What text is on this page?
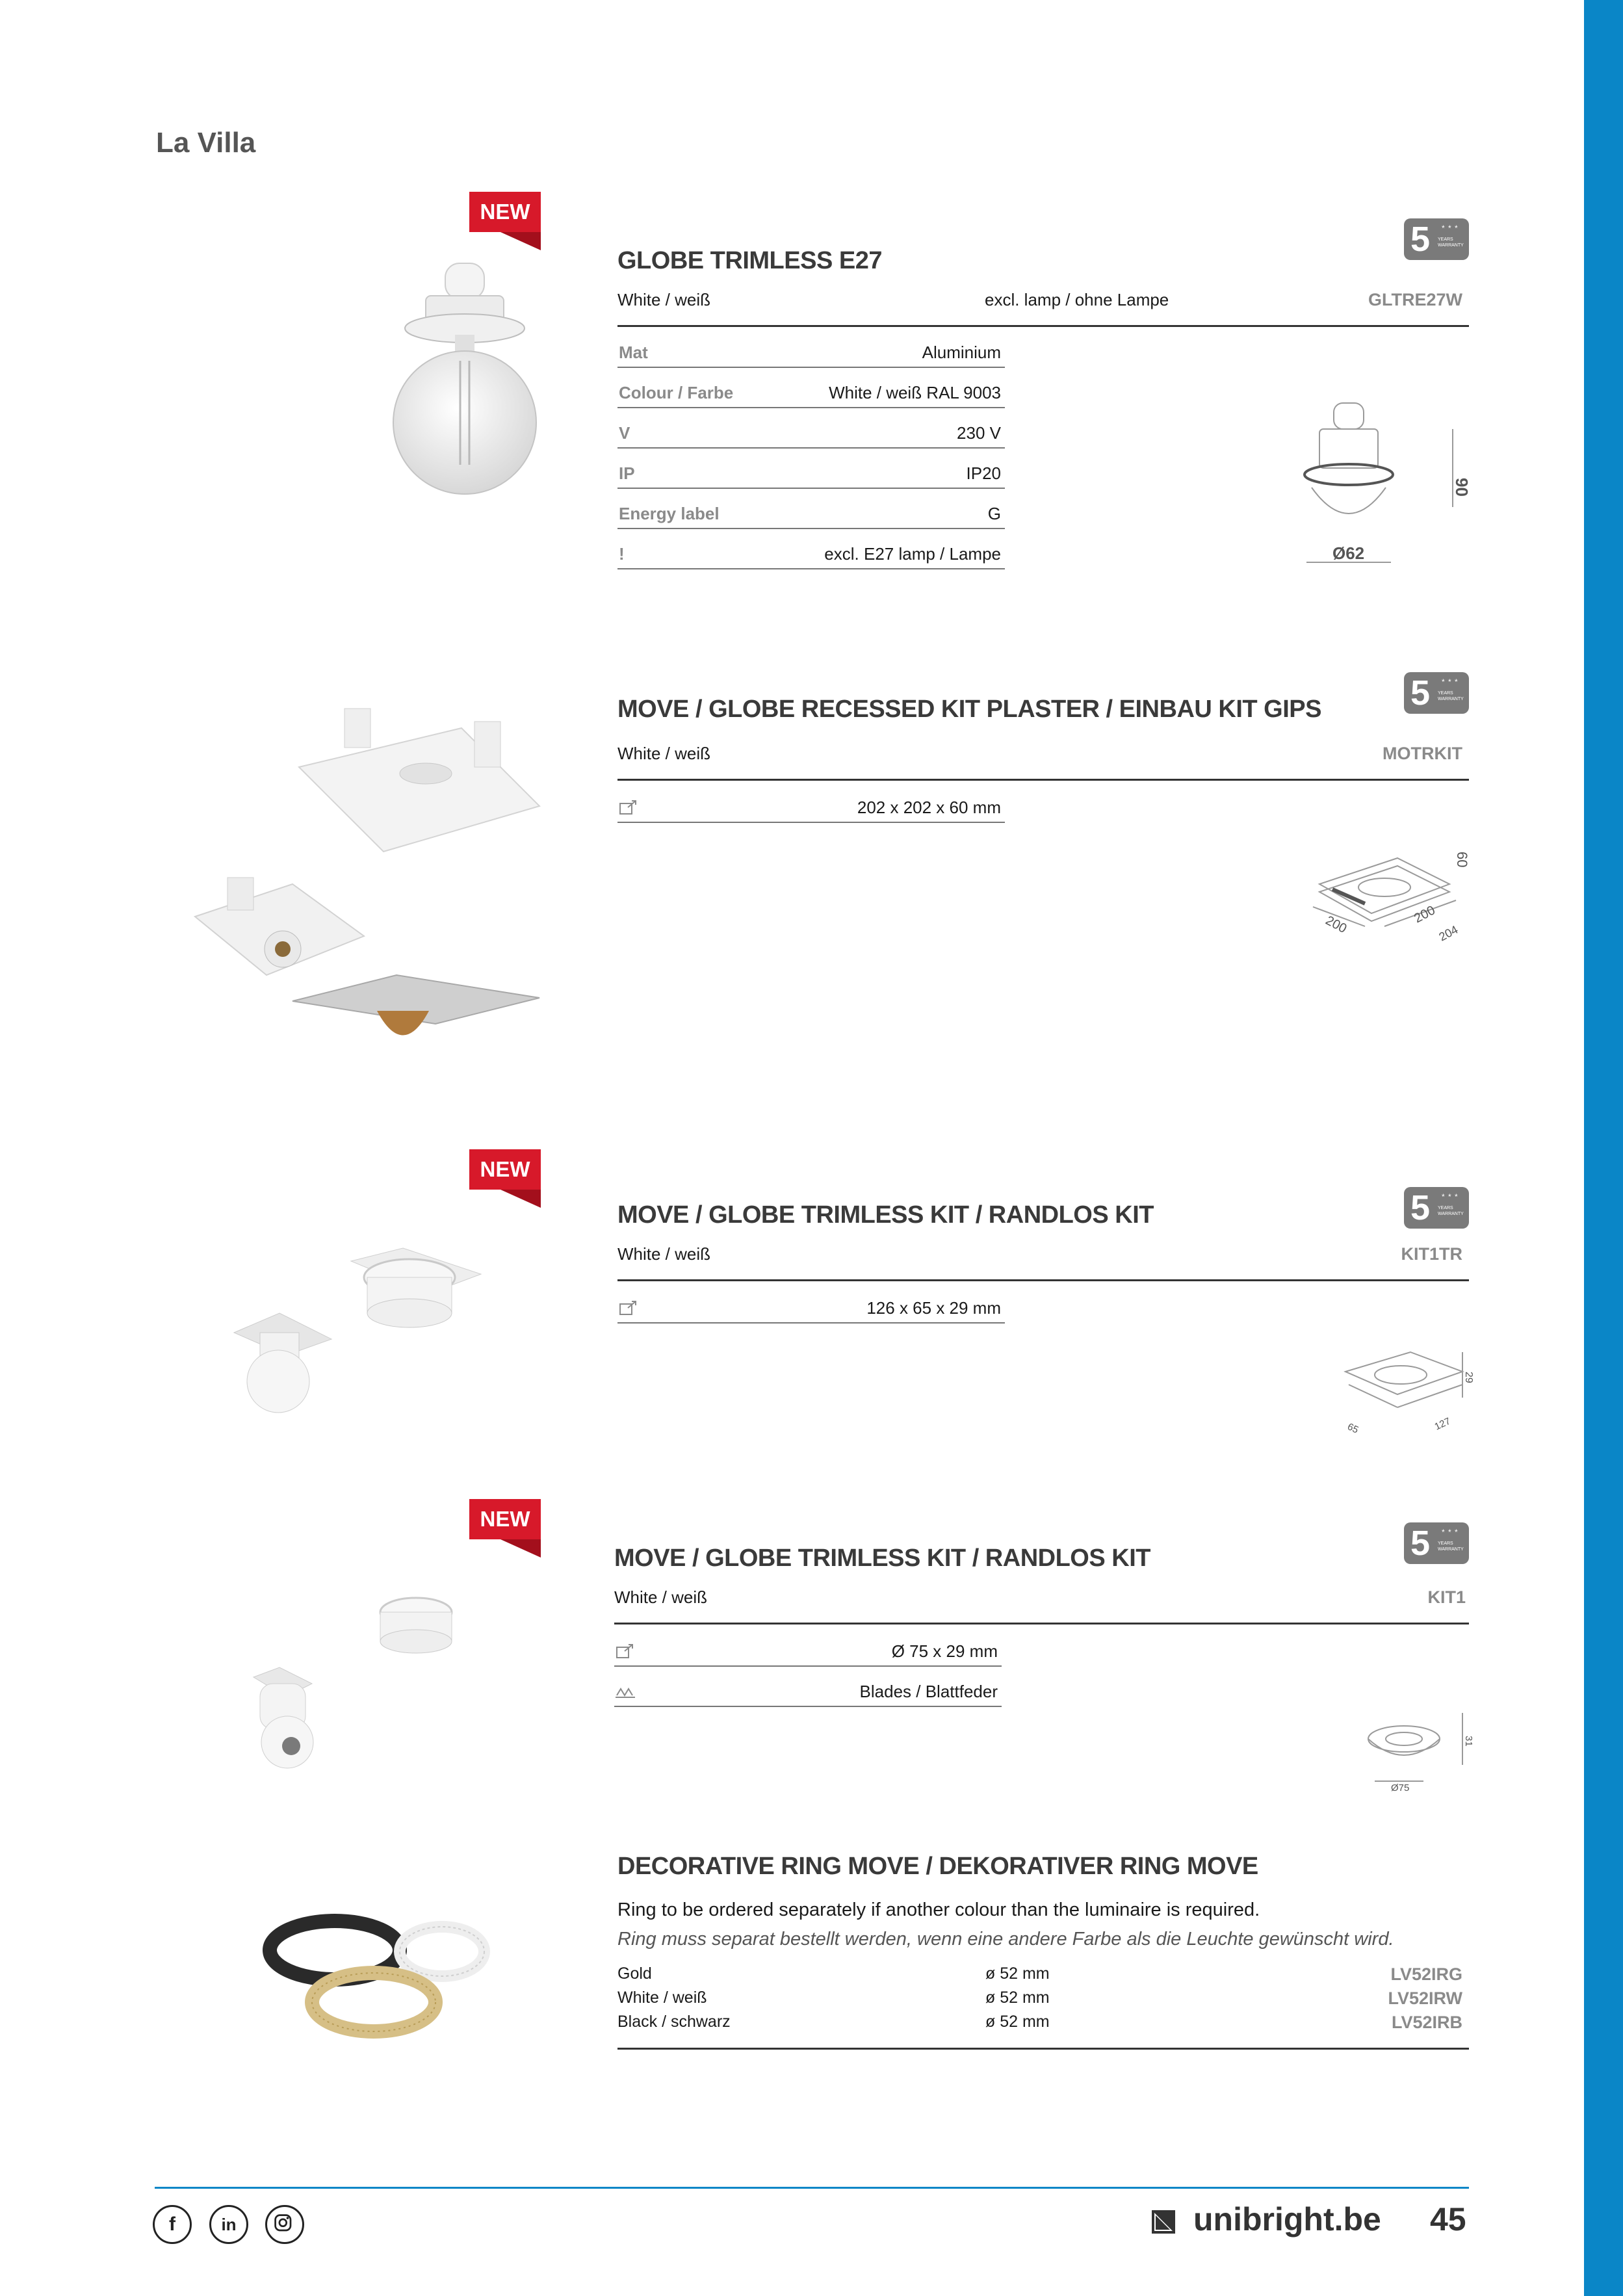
La Villa
NEW
5 * * *
YEARS WARRANTY
GLOBE TRIMLESS E27
White / weiß	excl. lamp / ohne Lampe	GLTRE27W
Mat	Aluminium
Colour / Farbe	White / weiß RAL 9003
V	230 V
IP	IP20
Energy label	G
!	excl. E27 lamp / Lampe
90
Ø62
5 * * *
YEARS WARRANTY
MOVE / GLOBE RECESSED KIT PLASTER / EINBAU KIT GIPS
White / weiß	MOTRKIT
202 x 202 x 60 mm
60
200	200
204
NEW
5 * * *
YEARS WARRANTY
MOVE / GLOBE TRIMLESS KIT / RANDLOS KIT
White / weiß	KIT1TR
126 x 65 x 29 mm
29
65	127
NEW
5 * * *
YEARS WARRANTY
MOVE / GLOBE TRIMLESS KIT / RANDLOS KIT
White / weiß	KIT1
Ø 75 x 29 mm
Blades / Blattfeder
31
Ø75
DECORATIVE RING MOVE / DEKORATIVER RING MOVE
Ring to be ordered separately if another colour than the luminaire is required.
Ring muss separat bestellt werden, wenn eine andere Farbe als die Leuchte gewünscht wird.
Gold	ø 52 mm	LV52IRG
White / weiß	ø 52 mm	LV52IRW
Black / schwarz	ø 52 mm	LV52IRB
f	in	unibright.be 45
